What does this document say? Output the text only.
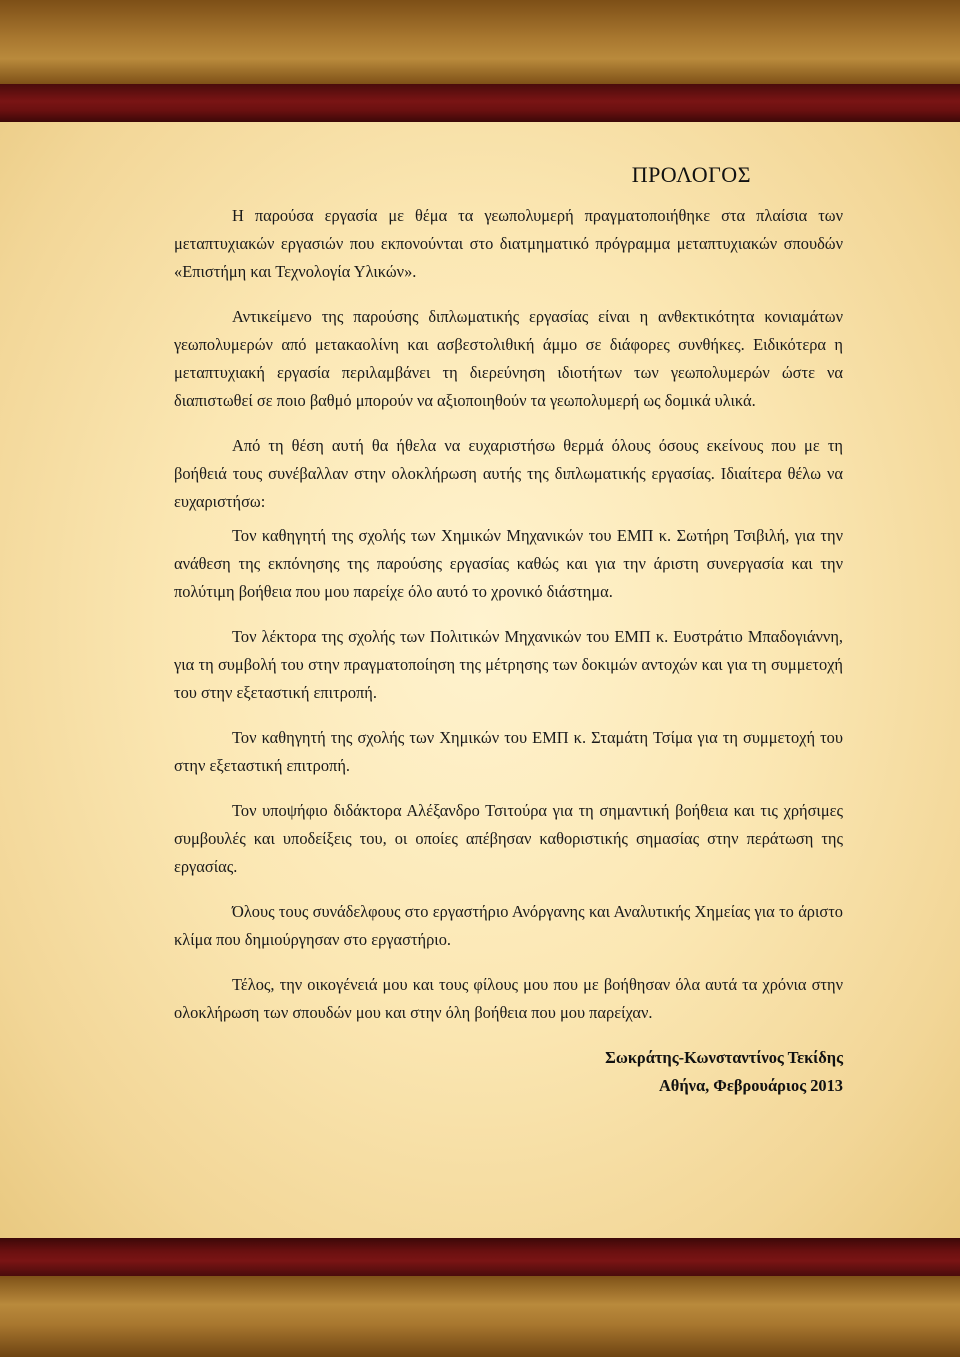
ΠΡΟΛΟΓΟΣ

Η παρούσα εργασία με θέμα τα γεωπολυμερή πραγματοποιήθηκε στα πλαίσια των μεταπτυχιακών εργασιών που εκπονούνται στο διατμηματικό πρόγραμμα μεταπτυχιακών σπουδών «Επιστήμη και Τεχνολογία Υλικών».

Αντικείμενο της παρούσης διπλωματικής εργασίας είναι η ανθεκτικότητα κονιαμάτων γεωπολυμερών από μετακαολίνη και ασβεστολιθική άμμο σε διάφορες συνθήκες. Ειδικότερα η μεταπτυχιακή εργασία περιλαμβάνει τη διερεύνηση ιδιοτήτων των γεωπολυμερών ώστε να διαπιστωθεί σε ποιο βαθμό μπορούν να αξιοποιηθούν τα γεωπολυμερή ως δομικά υλικά.

Από τη θέση αυτή θα ήθελα να ευχαριστήσω θερμά όλους όσους εκείνους που με τη βοήθειά τους συνέβαλλαν στην ολοκλήρωση αυτής της διπλωματικής εργασίας. Ιδιαίτερα θέλω να ευχαριστήσω:

Τον καθηγητή της σχολής των Χημικών Μηχανικών του ΕΜΠ κ. Σωτήρη Τσιβιλή, για την ανάθεση της εκπόνησης της παρούσης εργασίας καθώς και για την άριστη συνεργασία και την πολύτιμη βοήθεια που μου παρείχε όλο αυτό το χρονικό διάστημα.

Τον λέκτορα της σχολής των Πολιτικών Μηχανικών του ΕΜΠ κ. Ευστράτιο Μπαδογιάννη, για τη συμβολή του στην πραγματοποίηση της μέτρησης των δοκιμών αντοχών και για τη συμμετοχή του στην εξεταστική επιτροπή.

Τον καθηγητή της σχολής των Χημικών του ΕΜΠ κ. Σταμάτη Τσίμα για τη συμμετοχή του στην εξεταστική επιτροπή.

Τον υποψήφιο διδάκτορα Αλέξανδρο Τσιτούρα για τη σημαντική βοήθεια και τις χρήσιμες συμβουλές και υποδείξεις του, οι οποίες απέβησαν καθοριστικής σημασίας στην περάτωση της εργασίας.

Όλους τους συνάδελφους στο εργαστήριο Ανόργανης και Αναλυτικής Χημείας για το άριστο κλίμα που δημιούργησαν στο εργαστήριο.

Τέλος, την οικογένειά μου και τους φίλους μου που με βοήθησαν όλα αυτά τα χρόνια στην ολοκλήρωση των σπουδών μου και στην όλη βοήθεια που μου παρείχαν.

Σωκράτης-Κωνσταντίνος Τεκίδης

Αθήνα, Φεβρουάριος 2013
